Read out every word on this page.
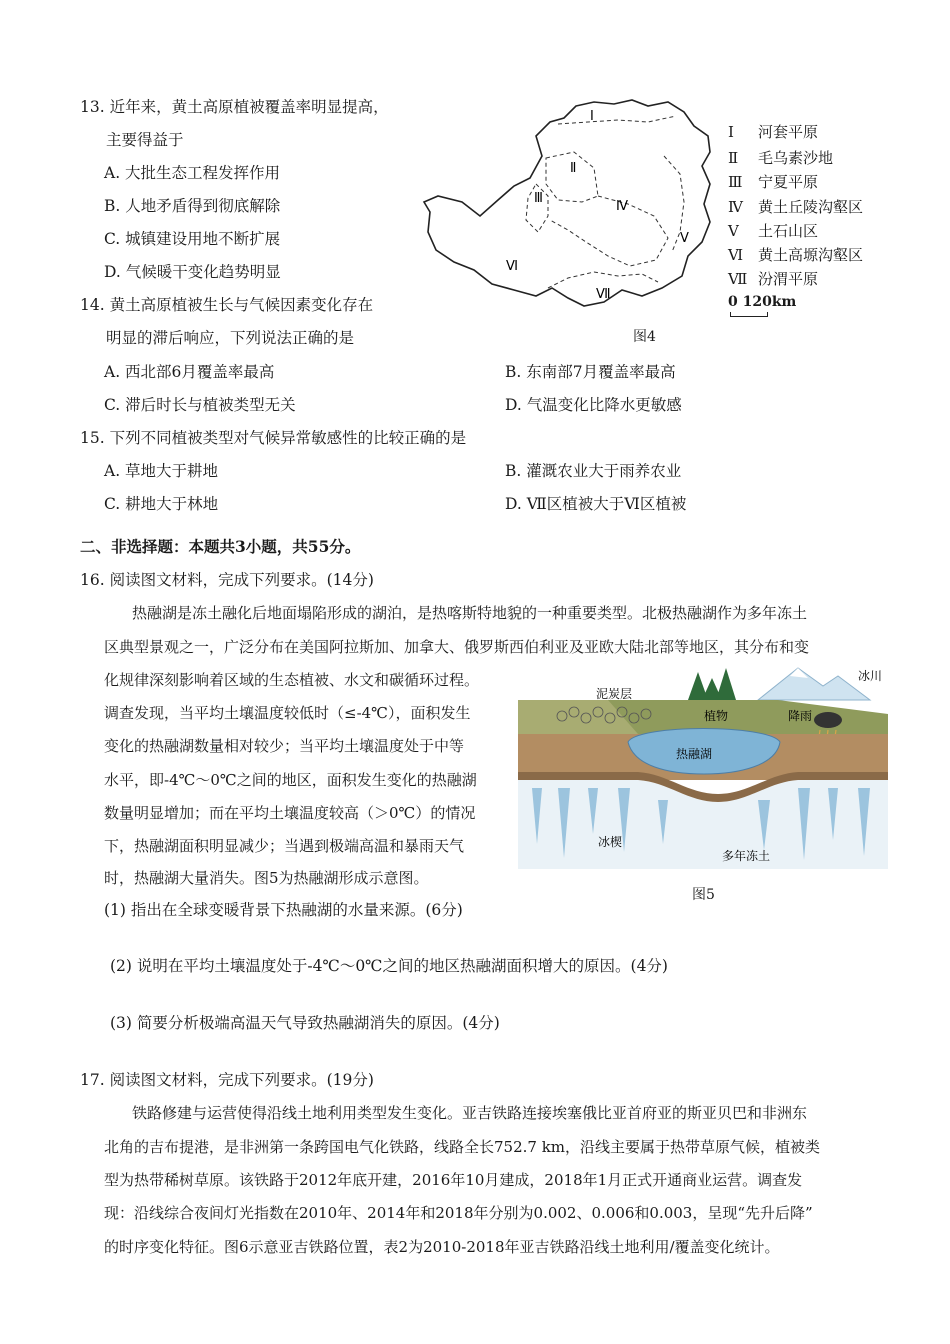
13. 近年来，黄土高原植被覆盖率明显提高，
主要得益于
A. 大批生态工程发挥作用
B. 人地矛盾得到彻底解除
C. 城镇建设用地不断扩展
D. 气候暖干变化趋势明显
14. 黄土高原植被生长与气候因素变化存在
明显的滞后响应，下列说法正确的是
A. 西北部6月覆盖率最高	B. 东南部7月覆盖率最高
C. 滞后时长与植被类型无关	D. 气温变化比降水更敏感
15. 下列不同植被类型对气候异常敏感性的比较正确的是
A. 草地大于耕地	B. 灌溉农业大于雨养农业
C. 耕地大于林地	D. Ⅶ区植被大于Ⅵ区植被
Ⅰ
Ⅱ
Ⅲ
Ⅳ
Ⅴ
Ⅵ
Ⅶ
Ⅰ 河套平原
Ⅱ 毛乌素沙地
Ⅲ 宁夏平原
Ⅳ 黄土丘陵沟壑区
Ⅴ 土石山区
Ⅵ 黄土高塬沟壑区
Ⅶ 汾渭平原
0 120km
图4
二、非选择题：本题共3小题，共55分。
16. 阅读图文材料，完成下列要求。(14分)
热融湖是冻土融化后地面塌陷形成的湖泊，是热喀斯特地貌的一种重要类型。北极热融湖作为多年冻土
区典型景观之一，广泛分布在美国阿拉斯加、加拿大、俄罗斯西伯利亚及亚欧大陆北部等地区，其分布和变
化规律深刻影响着区域的生态植被、水文和碳循环过程。
调查发现，当平均土壤温度较低时（≤-4℃），面积发生
变化的热融湖数量相对较少；当平均土壤温度处于中等
水平，即-4℃～0℃之间的地区，面积发生变化的热融湖
数量明显增加；而在平均土壤温度较高（＞0℃）的情况
下，热融湖面积明显减少；当遇到极端高温和暴雨天气
时，热融湖大量消失。图5为热融湖形成示意图。
冰川
泥炭层
植物	降雨
热融湖
冰楔
多年冻土
图5
(1) 指出在全球变暖背景下热融湖的水量来源。(6分)
(2) 说明在平均土壤温度处于-4℃～0℃之间的地区热融湖面积增大的原因。(4分)
(3) 简要分析极端高温天气导致热融湖消失的原因。(4分)
17. 阅读图文材料，完成下列要求。(19分)
铁路修建与运营使得沿线土地利用类型发生变化。亚吉铁路连接埃塞俄比亚首府亚的斯亚贝巴和非洲东
北角的吉布提港，是非洲第一条跨国电气化铁路，线路全长752.7 km，沿线主要属于热带草原气候，植被类
型为热带稀树草原。该铁路于2012年底开建，2016年10月建成，2018年1月正式开通商业运营。调查发
现：沿线综合夜间灯光指数在2010年、2014年和2018年分别为0.002、0.006和0.003，呈现“先升后降”
的时序变化特征。图6示意亚吉铁路位置，表2为2010-2018年亚吉铁路沿线土地利用/覆盖变化统计。
